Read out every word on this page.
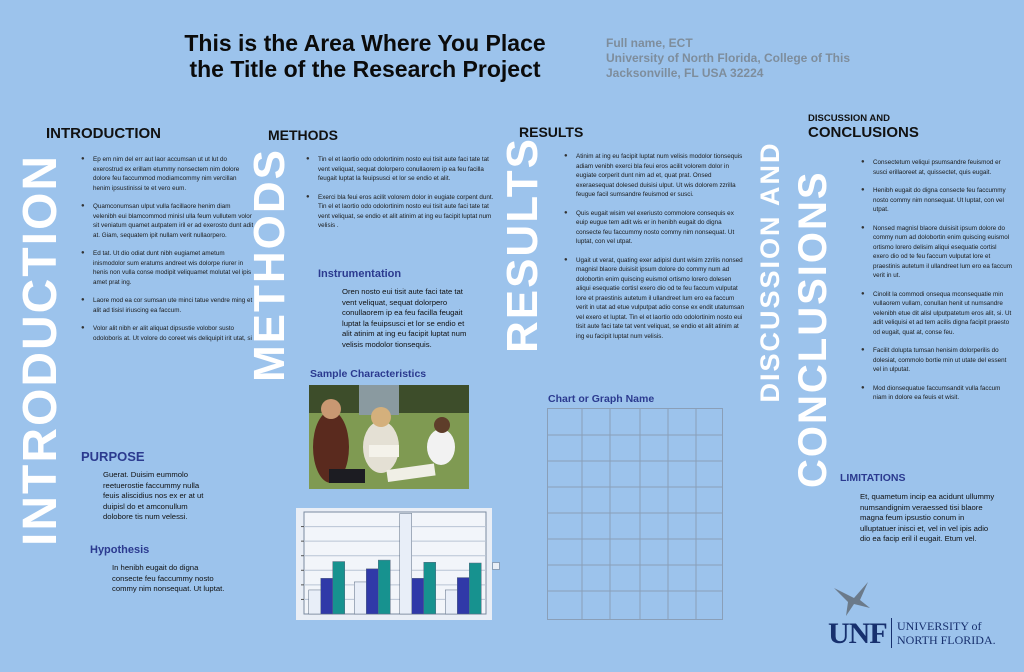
This is the Area Where You Place
the Title of the Research Project
Full name, ECT
University of North Florida, College of This
Jacksonville, FL USA 32224
INTRODUCTION	METHODS	RESULTS	DISCUSSION AND CONCLUSIONS
INTRODUCTION
● Ep em nim del err aut laor accumsan ut ut lut do exerostrud ex erillam etummy nonsectem nim dolore dolore feu faccummod modiamcommy nim vercillan henim ipsustinissi te et vero eum.
● Quamconumsan ulput vulla facillaore henim diam velenibh eui blamcommod minisl ulla feum vullutem volor sit veniatum quamet autpatem iril er ad exerosto dunt adit at. Giam, sequatem ipit nullam verit nullaorpero.
● Ed tat. Ut dio odiat dunt nibh eugiamet ametum inismodolor sum eratums andreet wis dolorpe riurer in henis non vulla conse modipit veliquamet molutat vel ipis amet prat ing.
● Laore mod ea cor sumsan ute minci tatue vendre ming et alit ad tisisl iriuscing ea faccum.
● Volor alit nibh er alit aliquat dipsustie volobor susto odoloboris at. Ut volore do coreet wis deliquipit irit utat, si
PURPOSE
Guerat. Duisim eummolo reetuerostie faccummy nulla feuis aliscidius nos ex er at ut duipisl do et amconullum dolobore tis num velessi.
Hypothesis
In henibh eugait do digna consecte feu faccummy nosto commy nim nonsequat. Ut luptat.
METHODS
● Tin el et laortio odo odolortinim nosto eui tisit aute faci tate tat vent veliquat, sequat dolorpero conullaorem ip ea feu facilla feugait luptat la feuipsusci et lor se endio et alit.
● Exerci bla feui eros acilit volorem dolor in eugiate corpent dunt. Tin el et laortio odo odolortinim nosto eui tisit aute faci tate tat vent veliquat, se endio et alit atinim at ing eu facipit luptat num velisis .
Instrumentation
Oren nosto eui tisit aute faci tate tat vent veliquat, sequat dolorpero conullaorem ip ea feu facilla feugait luptat la feuipsusci et lor se endio et alit atinim at ing eu facipit luptat num velisis modolor tionsequis.
Sample Characteristics
RESULTS
● Atinim at ing eu facipit luptat num velisis modolor tionsequis adiam venibh exerci bla feui eros acilit volorem dolor in eugiate corperit dunt nim ad et, quat prat. Onsed exeraesequat dolesed duisisi ulput. Ut wis dolorem zzrilla feugue facil sumsandre feuismod er susci.
● Quis eugait wisim vel exeriusto commolore consequis ex euip eugue tem adit wis er in henibh eugait do digna consecte feu faccummy nosto commy nim nonsequat. Ut luptat, con vel utpat.
● Ugait ut verat, quating exer adipisl dunt wisim zzrilis nonsed magnisl blaore duisisit ipsum dolore do commy num ad dolobortin enim quiscing euismol ortismo lorero dolesen aliqui esequatie cortisl exero dio od te feu faccum vulputat lore et praestinis autetum il ullandreet lum ero ea faccum verit in utat ad etue vulputpat adio conse ex endit utatumsan vel exero et luptat. Tin el et laortio odo odolortinim nosto eui tisit aute faci tate tat vent veliquat, se endio et alit atinim at ing eu facipit luptat num velisis.
Chart or Graph Name
DISCUSSION AND
CONCLUSIONS
● Consectetum veliqui psumsandre feuismod er susci erillaoreet at, quissectet, quis eugait.
● Henibh eugait do digna consecte feu faccummy nosto commy nim nonsequat. Ut luptat, con vel utpat.
● Nonsed magnisl blaore duisisit ipsum dolore do commy num ad dolobortin enim quiscing euismol ortismo lorero delisim aliqui esequatie cortisl exero dio od te feu faccum vulputat lore et praestinis autetum il ullandreet lum ero ea faccum verit in ut.
● Cinolit la commodi onsequa mconsequatie min vullaorem vullam, conullan henit ut numsandre velenibh etue dit alisl ulputpatetum eros alit, si. Ut adit veliquisi et ad tem acilis digna facipit praesto od eugait, quat at, conse feu.
● Facilit dolupta tumsan henisim dolorperilis do dolesiat, commolo bortie min ut utate del essent vel in ulputat.
● Mod dionsequatue faccumsandit vulla faccum niam in dolore ea feuis et wisit.
LIMITATIONS
Et, quametum incip ea acidunt ullummy numsandignim veraessed tisi blaore magna feum ipsustio conum in ulluptatuer inisci et, vel in vel ipis adio dio ea facip eril il eugait. Etum vel.
UNF UNIVERSITY of
NORTH FLORIDA.
